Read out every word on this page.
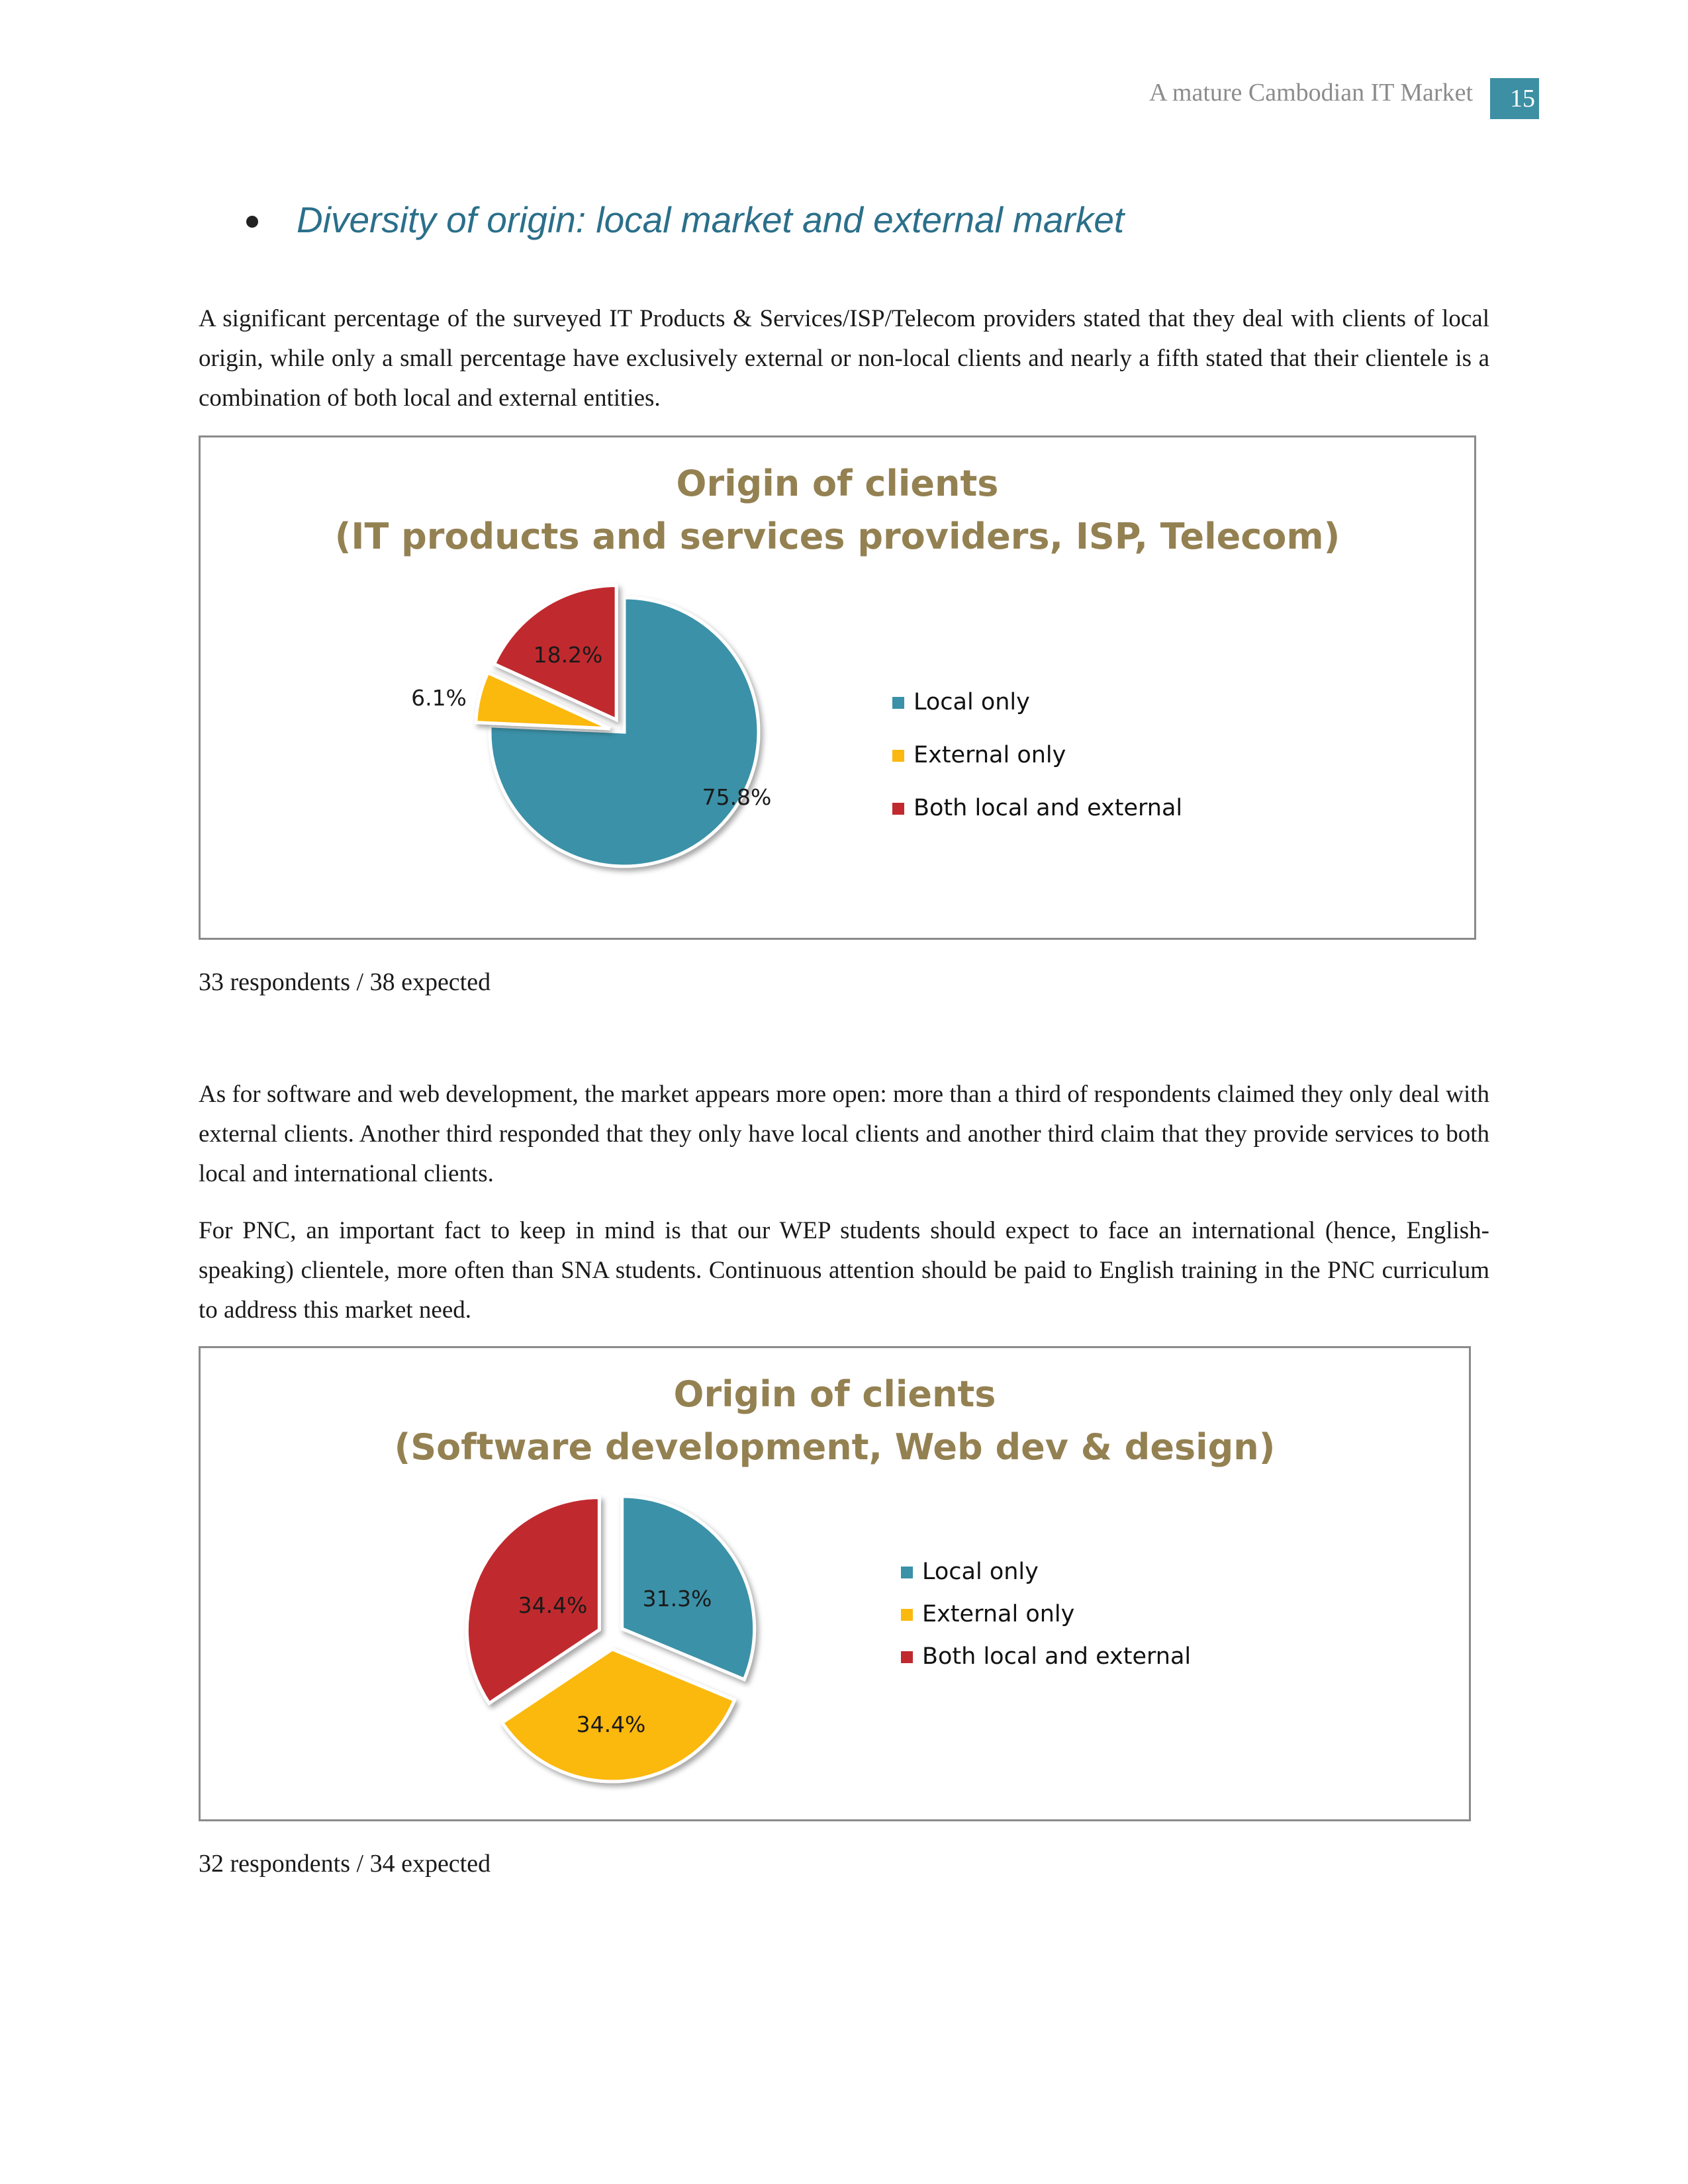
A mature Cambodian IT Market	15
Diversity of origin: local market and external market
A significant percentage of the surveyed IT Products & Services/ISP/Telecom providers stated that they deal with clients of local origin, while only a small percentage have exclusively external or non-local clients and nearly a fifth stated that their clientele is a combination of both local and external entities.
Origin of clients
(IT products and services providers, ISP, Telecom)
75.8%
6.1%
18.2%
Local only
External only
Both local and external
33 respondents / 38 expected
As for software and web development, the market appears more open: more than a third of respondents claimed they only deal with external clients. Another third responded that they only have local clients and another third claim that they provide services to both local and international clients.
For PNC, an important fact to keep in mind is that our WEP students should expect to face an international (hence, English-speaking) clientele, more often than SNA students. Continuous attention should be paid to English training in the PNC curriculum to address this market need.
Origin of clients
(Software development, Web dev & design)
31.3%
34.4%
34.4%
Local only
External only
Both local and external
32 respondents / 34 expected
